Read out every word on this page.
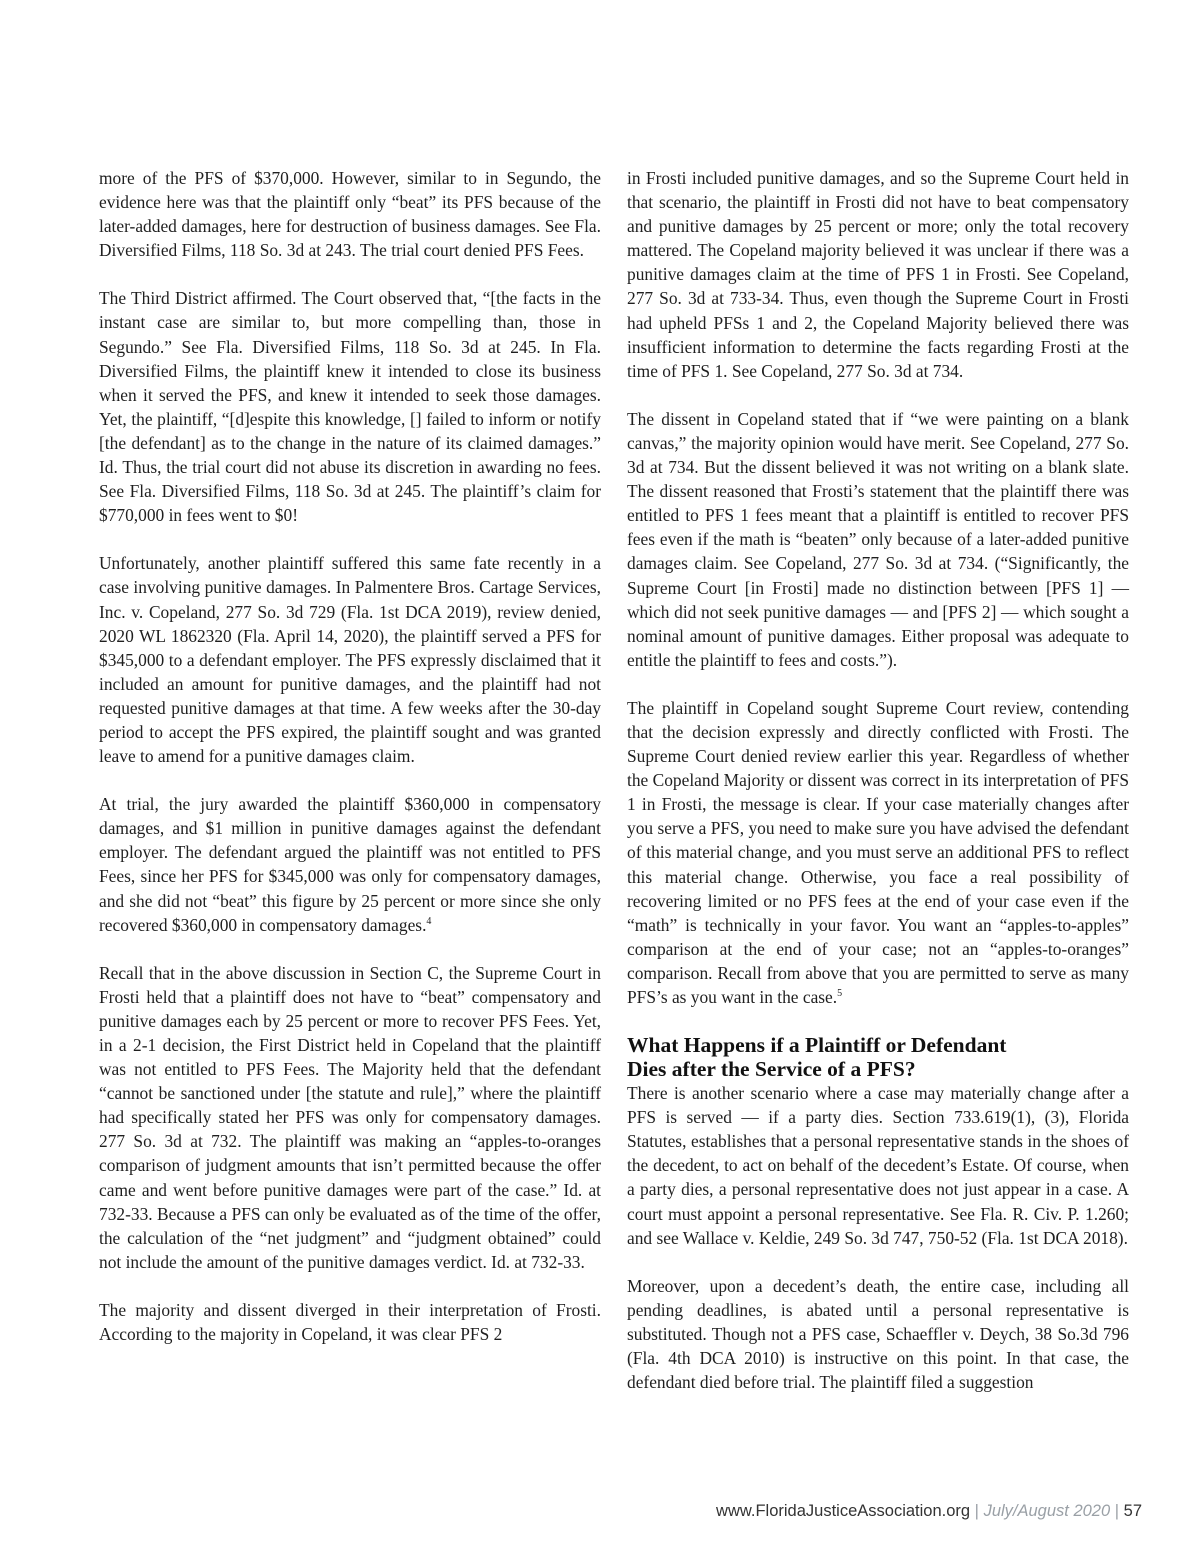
more of the PFS of $370,000. However, similar to in Segundo, the evidence here was that the plaintiff only “beat” its PFS because of the later-added damages, here for destruction of business damages. See Fla. Diversified Films, 118 So. 3d at 243. The trial court denied PFS Fees.

The Third District affirmed. The Court observed that, “[the facts in the instant case are similar to, but more compelling than, those in Segundo.” See Fla. Diversified Films, 118 So. 3d at 245. In Fla. Diversified Films, the plaintiff knew it intended to close its business when it served the PFS, and knew it intended to seek those damages. Yet, the plaintiff, “[d]espite this knowledge, [] failed to inform or notify [the defendant] as to the change in the nature of its claimed damages.” Id. Thus, the trial court did not abuse its discretion in awarding no fees. See Fla. Diversified Films, 118 So. 3d at 245. The plaintiff’s claim for $770,000 in fees went to $0!

Unfortunately, another plaintiff suffered this same fate recently in a case involving punitive damages. In Palmentere Bros. Cartage Services, Inc. v. Copeland, 277 So. 3d 729 (Fla. 1st DCA 2019), review denied, 2020 WL 1862320 (Fla. April 14, 2020), the plaintiff served a PFS for $345,000 to a defendant employer. The PFS expressly disclaimed that it included an amount for punitive damages, and the plaintiff had not requested punitive damages at that time. A few weeks after the 30-day period to accept the PFS expired, the plaintiff sought and was granted leave to amend for a punitive damages claim.

At trial, the jury awarded the plaintiff $360,000 in compensatory damages, and $1 million in punitive damages against the defendant employer. The defendant argued the plaintiff was not entitled to PFS Fees, since her PFS for $345,000 was only for compensatory damages, and she did not “beat” this figure by 25 percent or more since she only recovered $360,000 in compensatory damages.$^4$

Recall that in the above discussion in Section C, the Supreme Court in Frosti held that a plaintiff does not have to “beat” compensatory and punitive damages each by 25 percent or more to recover PFS Fees. Yet, in a 2-1 decision, the First District held in Copeland that the plaintiff was not entitled to PFS Fees. The Majority held that the defendant “cannot be sanctioned under [the statute and rule],” where the plaintiff had specifically stated her PFS was only for compensatory damages. 277 So. 3d at 732. The plaintiff was making an “apples-to-oranges comparison of judgment amounts that isn’t permitted because the offer came and went before punitive damages were part of the case.” Id. at 732-33. Because a PFS can only be evaluated as of the time of the offer, the calculation of the “net judgment” and “judgment obtained” could not include the amount of the punitive damages verdict. Id. at 732-33.

The majority and dissent diverged in their interpretation of Frosti. According to the majority in Copeland, it was clear PFS 2

in Frosti included punitive damages, and so the Supreme Court held in that scenario, the plaintiff in Frosti did not have to beat compensatory and punitive damages by 25 percent or more; only the total recovery mattered. The Copeland majority believed it was unclear if there was a punitive damages claim at the time of PFS 1 in Frosti. See Copeland, 277 So. 3d at 733-34. Thus, even though the Supreme Court in Frosti had upheld PFSs 1 and 2, the Copeland Majority believed there was insufficient information to determine the facts regarding Frosti at the time of PFS 1. See Copeland, 277 So. 3d at 734.

The dissent in Copeland stated that if “we were painting on a blank canvas,” the majority opinion would have merit. See Copeland, 277 So. 3d at 734. But the dissent believed it was not writing on a blank slate. The dissent reasoned that Frosti’s statement that the plaintiff there was entitled to PFS 1 fees meant that a plaintiff is entitled to recover PFS fees even if the math is “beaten” only because of a later-added punitive damages claim. See Copeland, 277 So. 3d at 734. (“Significantly, the Supreme Court [in Frosti] made no distinction between [PFS 1] — which did not seek punitive damages — and [PFS 2] — which sought a nominal amount of punitive damages. Either proposal was adequate to entitle the plaintiff to fees and costs.”).

The plaintiff in Copeland sought Supreme Court review, contending that the decision expressly and directly conflicted with Frosti. The Supreme Court denied review earlier this year. Regardless of whether the Copeland Majority or dissent was correct in its interpretation of PFS 1 in Frosti, the message is clear. If your case materially changes after you serve a PFS, you need to make sure you have advised the defendant of this material change, and you must serve an additional PFS to reflect this material change. Otherwise, you face a real possibility of recovering limited or no PFS fees at the end of your case even if the “math” is technically in your favor. You want an “apples-to-apples” comparison at the end of your case; not an “apples-to-oranges” comparison. Recall from above that you are permitted to serve as many PFS’s as you want in the case.$^5$

What Happens if a Plaintiff or Defendant
Dies after the Service of a PFS?

There is another scenario where a case may materially change after a PFS is served — if a party dies. Section 733.619(1), (3), Florida Statutes, establishes that a personal representative stands in the shoes of the decedent, to act on behalf of the decedent’s Estate. Of course, when a party dies, a personal representative does not just appear in a case. A court must appoint a personal representative. See Fla. R. Civ. P. 1.260; and see Wallace v. Keldie, 249 So. 3d 747, 750-52 (Fla. 1st DCA 2018).

Moreover, upon a decedent’s death, the entire case, including all pending deadlines, is abated until a personal representative is substituted. Though not a PFS case, Schaeffler v. Deych, 38 So.3d 796 (Fla. 4th DCA 2010) is instructive on this point. In that case, the defendant died before trial. The plaintiff filed a suggestion

www.FloridaJusticeAssociation.org | July/August 2020 | 57
